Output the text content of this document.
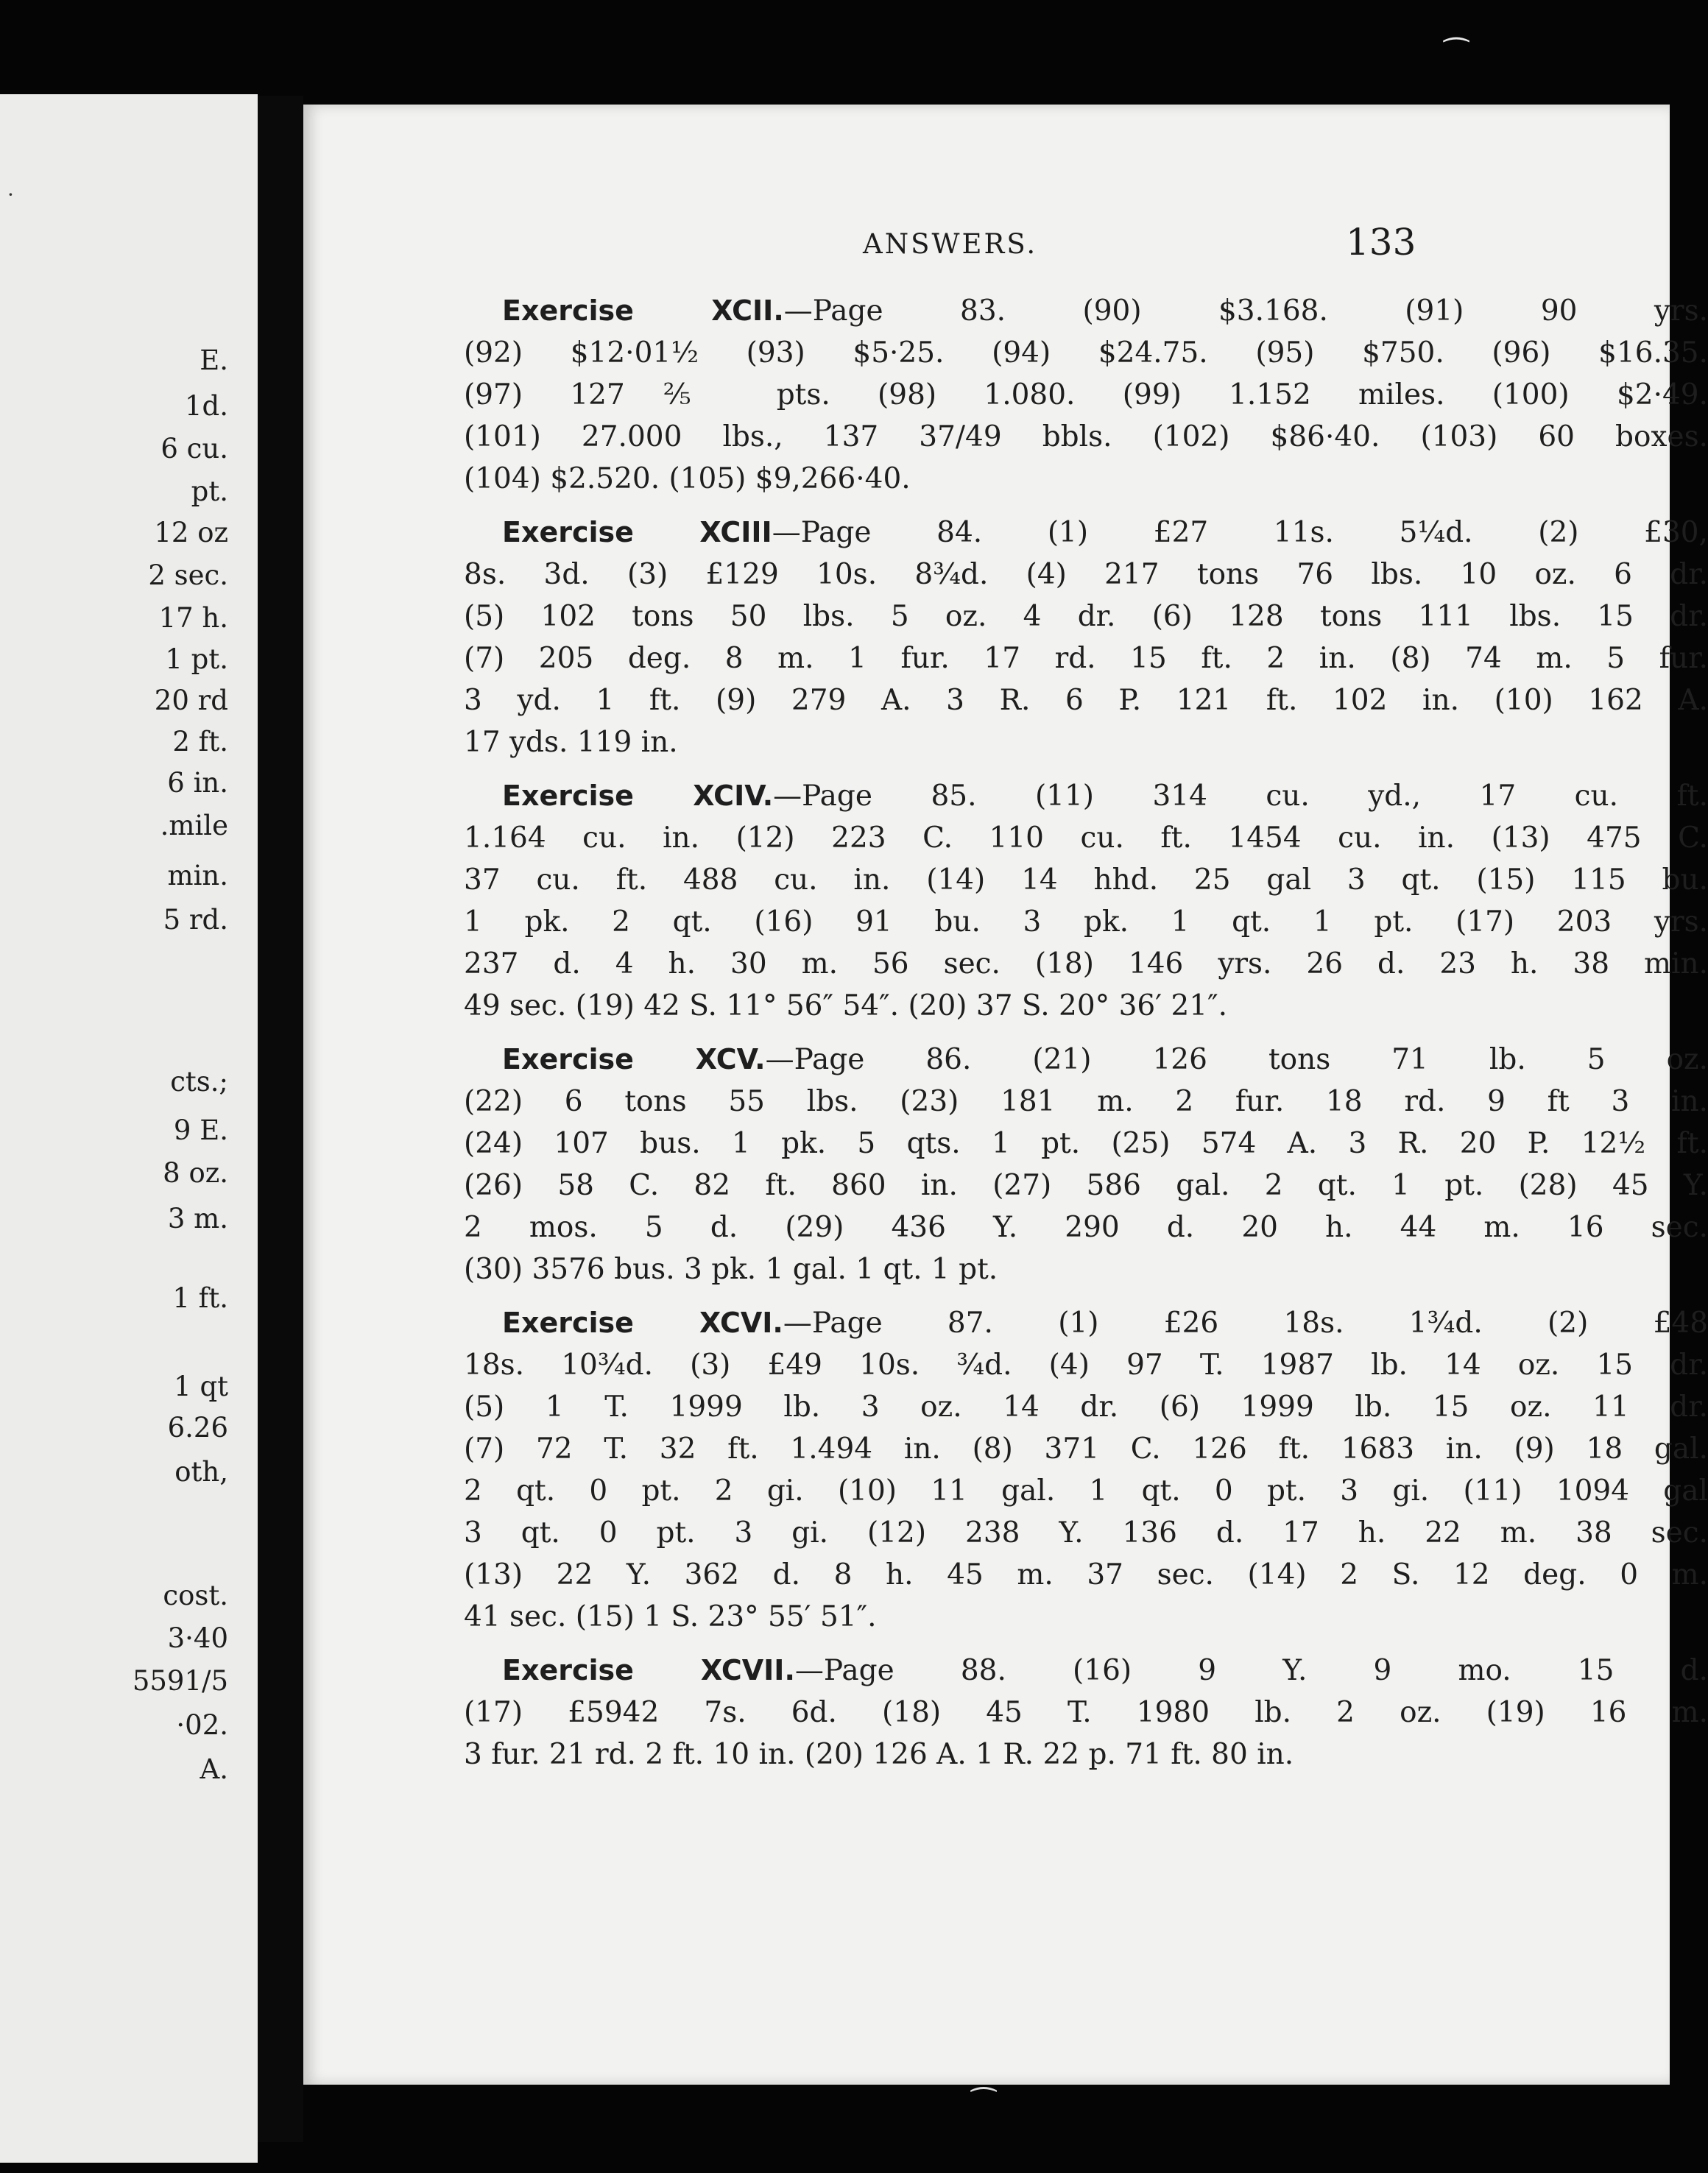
·
E.
1d.
6 cu.
pt.
12 oz
2 sec.
17 h.
1 pt.
20 rd
2 ft.
6 in.
.mile
min.
5 rd.
cts.;
9 E.
8 oz.
3 m.
1 ft.
1 qt
6.26
oth,
cost.
3·40
5591/5
·02.
A.
ANSWERS.	133
Exercise XCII.—Page 83. (90) $3.168. (91) 90 yrs.
(92) $12·01½ (93) $5·25. (94) $24.75. (95) $750. (96) $16.35.
(97) 127⅖ pts. (98) 1.080. (99) 1.152 miles. (100) $2·49.
(101) 27.000 lbs., 137 37/49 bbls. (102) $86·40. (103) 60 boxes.
(104) $2.520. (105) $9,266·40.
Exercise XCIII—Page 84. (1) £27 11s. 5¼d. (2) £30,
8s. 3d. (3) £129 10s. 8¾d. (4) 217 tons 76 lbs. 10 oz. 6 dr.
(5) 102 tons 50 lbs. 5 oz. 4 dr. (6) 128 tons 111 lbs. 15 dr.
(7) 205 deg. 8 m. 1 fur. 17 rd. 15 ft. 2 in. (8) 74 m. 5 fur.
3 yd. 1 ft. (9) 279 A. 3 R. 6 P. 121 ft. 102 in. (10) 162 A.
17 yds. 119 in.
Exercise XCIV.—Page 85. (11) 314 cu. yd., 17 cu. ft.
1.164 cu. in. (12) 223 C. 110 cu. ft. 1454 cu. in. (13) 475 C.
37 cu. ft. 488 cu. in. (14) 14 hhd. 25 gal 3 qt. (15) 115 bu.
1 pk. 2 qt. (16) 91 bu. 3 pk. 1 qt. 1 pt. (17) 203 yrs.
237 d. 4 h. 30 m. 56 sec. (18) 146 yrs. 26 d. 23 h. 38 min.
49 sec. (19) 42 S. 11° 56″ 54″. (20) 37 S. 20° 36′ 21″.
Exercise XCV.—Page 86. (21) 126 tons 71 lb. 5 oz.
(22) 6 tons 55 lbs. (23) 181 m. 2 fur. 18 rd. 9 ft 3 in.
(24) 107 bus. 1 pk. 5 qts. 1 pt. (25) 574 A. 3 R. 20 P. 12½ ft.
(26) 58 C. 82 ft. 860 in. (27) 586 gal. 2 qt. 1 pt. (28) 45 Y.
2 mos. 5 d. (29) 436 Y. 290 d. 20 h. 44 m. 16 sec.
(30) 3576 bus. 3 pk. 1 gal. 1 qt. 1 pt.
Exercise XCVI.—Page 87. (1) £26 18s. 1¾d. (2) £48
18s. 10¾d. (3) £49 10s. ¾d. (4) 97 T. 1987 lb. 14 oz. 15 dr.
(5) 1 T. 1999 lb. 3 oz. 14 dr. (6) 1999 lb. 15 oz. 11 dr.
(7) 72 T. 32 ft. 1.494 in. (8) 371 C. 126 ft. 1683 in. (9) 18 gal.
2 qt. 0 pt. 2 gi. (10) 11 gal. 1 qt. 0 pt. 3 gi. (11) 1094 gal
3 qt. 0 pt. 3 gi. (12) 238 Y. 136 d. 17 h. 22 m. 38 sec.
(13) 22 Y. 362 d. 8 h. 45 m. 37 sec. (14) 2 S. 12 deg. 0 m.
41 sec. (15) 1 S. 23° 55′ 51″.
Exercise XCVII.—Page 88. (16) 9 Y. 9 mo. 15 d.
(17) £5942 7s. 6d. (18) 45 T. 1980 lb. 2 oz. (19) 16 m.
3 fur. 21 rd. 2 ft. 10 in. (20) 126 A. 1 R. 22 p. 71 ft. 80 in.
⁔
⁀
